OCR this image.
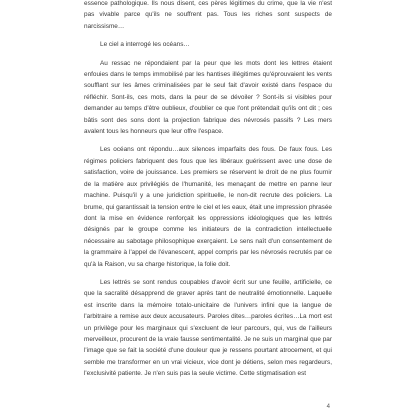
essence pathologique. Ils nous disent, ces pères légitimes du crime, que la vie n'est pas vivable parce qu'ils ne souffrent pas. Tous les riches sont suspects de narcissisme…

Le ciel a interrogé les océans…

Au ressac ne répondaient par la peur que les mots dont les lettres étaient enfouies dans le temps immobilisé par les hantises illégitimes qu'éprouvaient les vents soufflant sur les âmes criminalisées par le seul fait d'avoir existé dans l'espace du réfléchir. Sont-ils, ces mots, dans la peur de se dévoiler ? Sont-ils si visibles pour demander au temps d'être oublieux, d'oublier ce que l'ont prétendait qu'ils ont dit ; ces bâtis sont des sons dont la projection fabrique des névrosés passifs ? Les mers avalent tous les honneurs que leur offre l'espace.

Les océans ont répondu…aux silences imparfaits des fous. De faux fous. Les régimes policiers fabriquent des fous que les libéraux guérissent avec une dose de satisfaction, voire de jouissance. Les premiers se réservent le droit de ne plus fournir de la matière aux privilégiés de l'humanité, les menaçant de mettre en panne leur machine. Puisqu'il y a une juridiction spirituelle, le non-dit recrute des policiers. La brume, qui garantissait la tension entre le ciel et les eaux, était une impression phrasée dont la mise en évidence renforçait les oppressions idéologiques que les lettrés désignés par le groupe comme les initiateurs de la contradiction intellectuelle nécessaire au sabotage philosophique exerçaient. Le sens naît d'un consentement de la grammaire à l'appel de l'évanescent, appel compris par les névrosés recrutés par ce qu'à la Raison, vu sa charge historique, la folie doit.

Les lettrés se sont rendus coupables d'avoir écrit sur une feuille, artificielle, ce que la sacralité désapprend de graver après tant de neutralité émotionnelle. Laquelle est inscrite dans la mémoire totalo-unicitaire de l'univers infini que la langue de l'arbitraire a remise aux deux accusateurs. Paroles dites…paroles écrites…La mort est un privilège pour les marginaux qui s'excluent de leur parcours, qui, vus de l'ailleurs merveilleux, procurent de la vraie fausse sentimentalité. Je ne suis un marginal que par l'image que se fait la société d'une douleur que je ressens pourtant atrocement, et qui semble me transformer en un vrai vicieux, vice dont je détiens, selon mes regardeurs, l'exclusivité patiente. Je n'en suis pas la seule victime. Cette stigmatisation est

4
